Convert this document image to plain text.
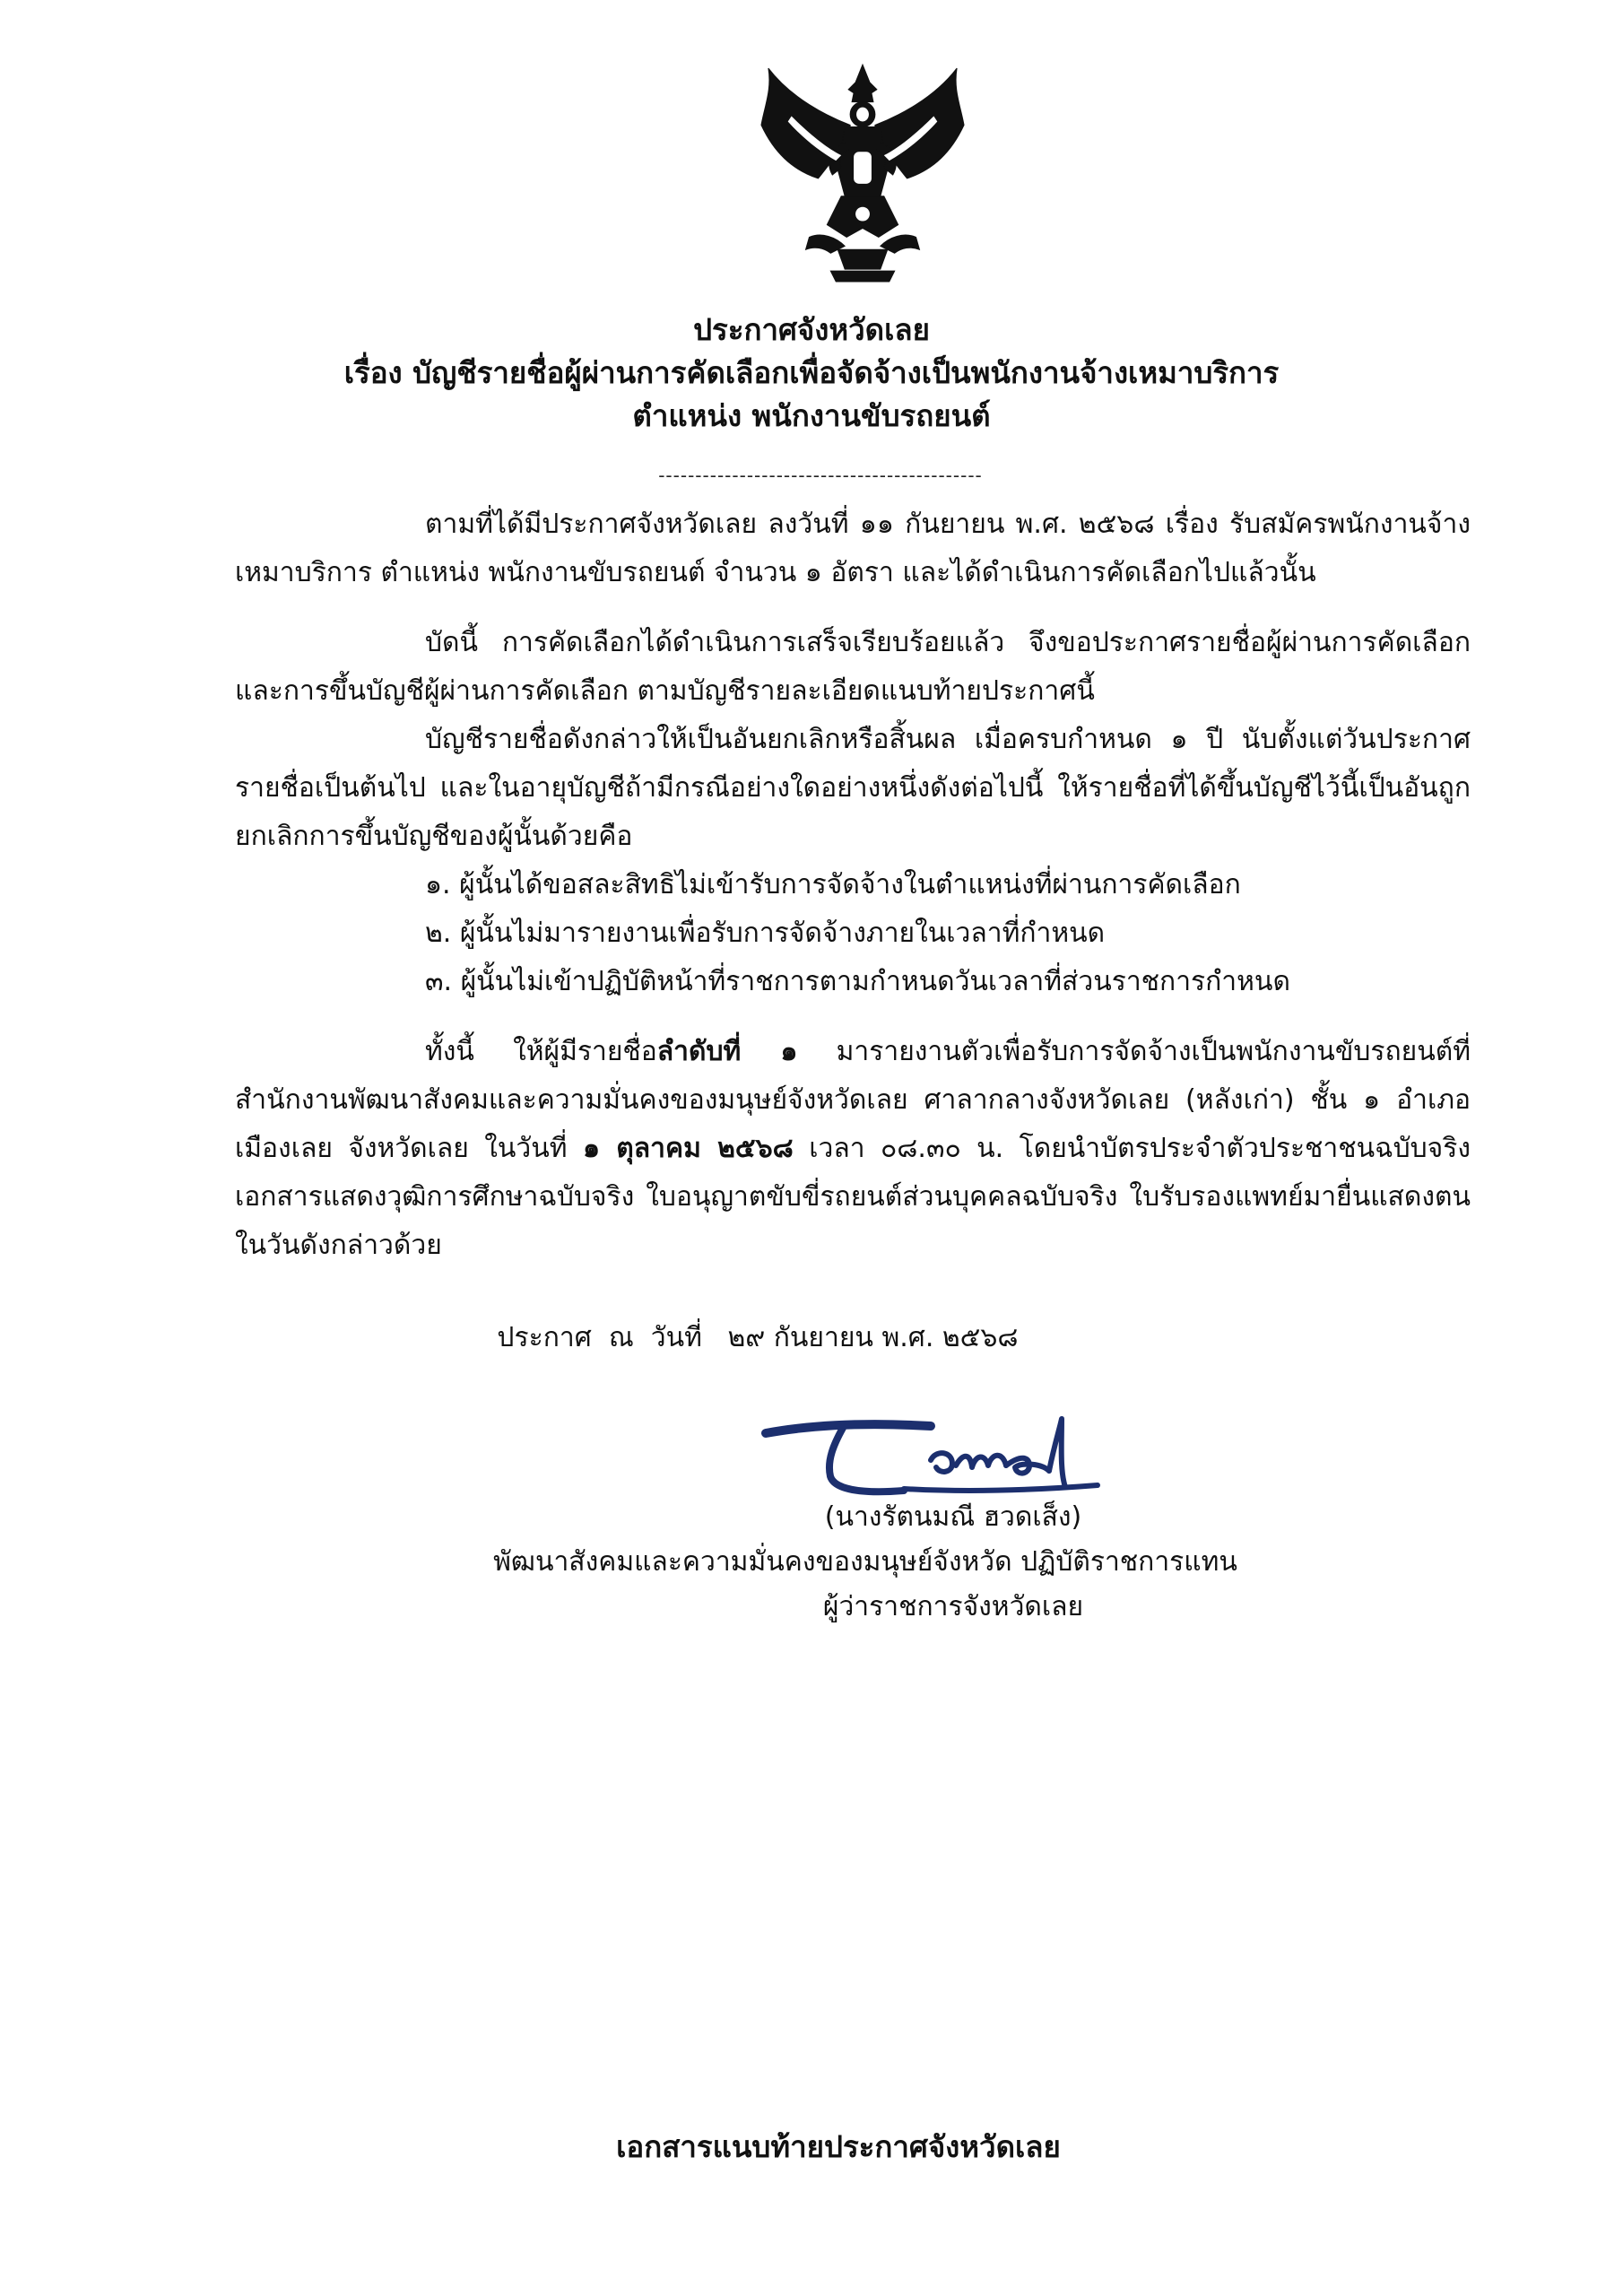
ประกาศจังหวัดเลย
เรื่อง บัญชีรายชื่อผู้ผ่านการคัดเลือกเพื่อจัดจ้างเป็นพนักงานจ้างเหมาบริการ
ตำแหน่ง พนักงานขับรถยนต์
--------------------------------------------

ตามที่ได้มีประกาศจังหวัดเลย ลงวันที่ ๑๑ กันยายน พ.ศ. ๒๕๖๘ เรื่อง รับสมัครพนักงานจ้างเหมาบริการ ตำแหน่ง พนักงานขับรถยนต์ จำนวน ๑ อัตรา และได้ดำเนินการคัดเลือกไปแล้วนั้น

บัดนี้ การคัดเลือกได้ดำเนินการเสร็จเรียบร้อยแล้ว จึงขอประกาศรายชื่อผู้ผ่านการคัดเลือกและการขึ้นบัญชีผู้ผ่านการคัดเลือก ตามบัญชีรายละเอียดแนบท้ายประกาศนี้

บัญชีรายชื่อดังกล่าวให้เป็นอันยกเลิกหรือสิ้นผล เมื่อครบกำหนด ๑ ปี นับตั้งแต่วันประกาศรายชื่อเป็นต้นไป และในอายุบัญชีถ้ามีกรณีอย่างใดอย่างหนึ่งดังต่อไปนี้ ให้รายชื่อที่ได้ขึ้นบัญชีไว้นี้เป็นอันถูกยกเลิกการขึ้นบัญชีของผู้นั้นด้วยคือ

๑. ผู้นั้นได้ขอสละสิทธิไม่เข้ารับการจัดจ้างในตำแหน่งที่ผ่านการคัดเลือก

๒. ผู้นั้นไม่มารายงานเพื่อรับการจัดจ้างภายในเวลาที่กำหนด

๓. ผู้นั้นไม่เข้าปฏิบัติหน้าที่ราชการตามกำหนดวันเวลาที่ส่วนราชการกำหนด

ทั้งนี้ ให้ผู้มีรายชื่อลำดับที่ ๑ มารายงานตัวเพื่อรับการจัดจ้างเป็นพนักงานขับรถยนต์ที่สำนักงานพัฒนาสังคมและความมั่นคงของมนุษย์จังหวัดเลย ศาลากลางจังหวัดเลย (หลังเก่า) ชั้น ๑ อำเภอเมืองเลย จังหวัดเลย ในวันที่ ๑ ตุลาคม ๒๕๖๘ เวลา ๐๘.๓๐ น. โดยนำบัตรประจำตัวประชาชนฉบับจริง เอกสารแสดงวุฒิการศึกษาฉบับจริง ใบอนุญาตขับขี่รถยนต์ส่วนบุคคลฉบับจริง ใบรับรองแพทย์มายื่นแสดงตนในวันดังกล่าวด้วย

ประกาศ  ณ  วันที่   ๒๙ กันยายน พ.ศ. ๒๕๖๘
(นางรัตนมณี ฮวดเส็ง)
พัฒนาสังคมและความมั่นคงของมนุษย์จังหวัด ปฏิบัติราชการแทน
ผู้ว่าราชการจังหวัดเลย
เอกสารแนบท้ายประกาศจังหวัดเลย
